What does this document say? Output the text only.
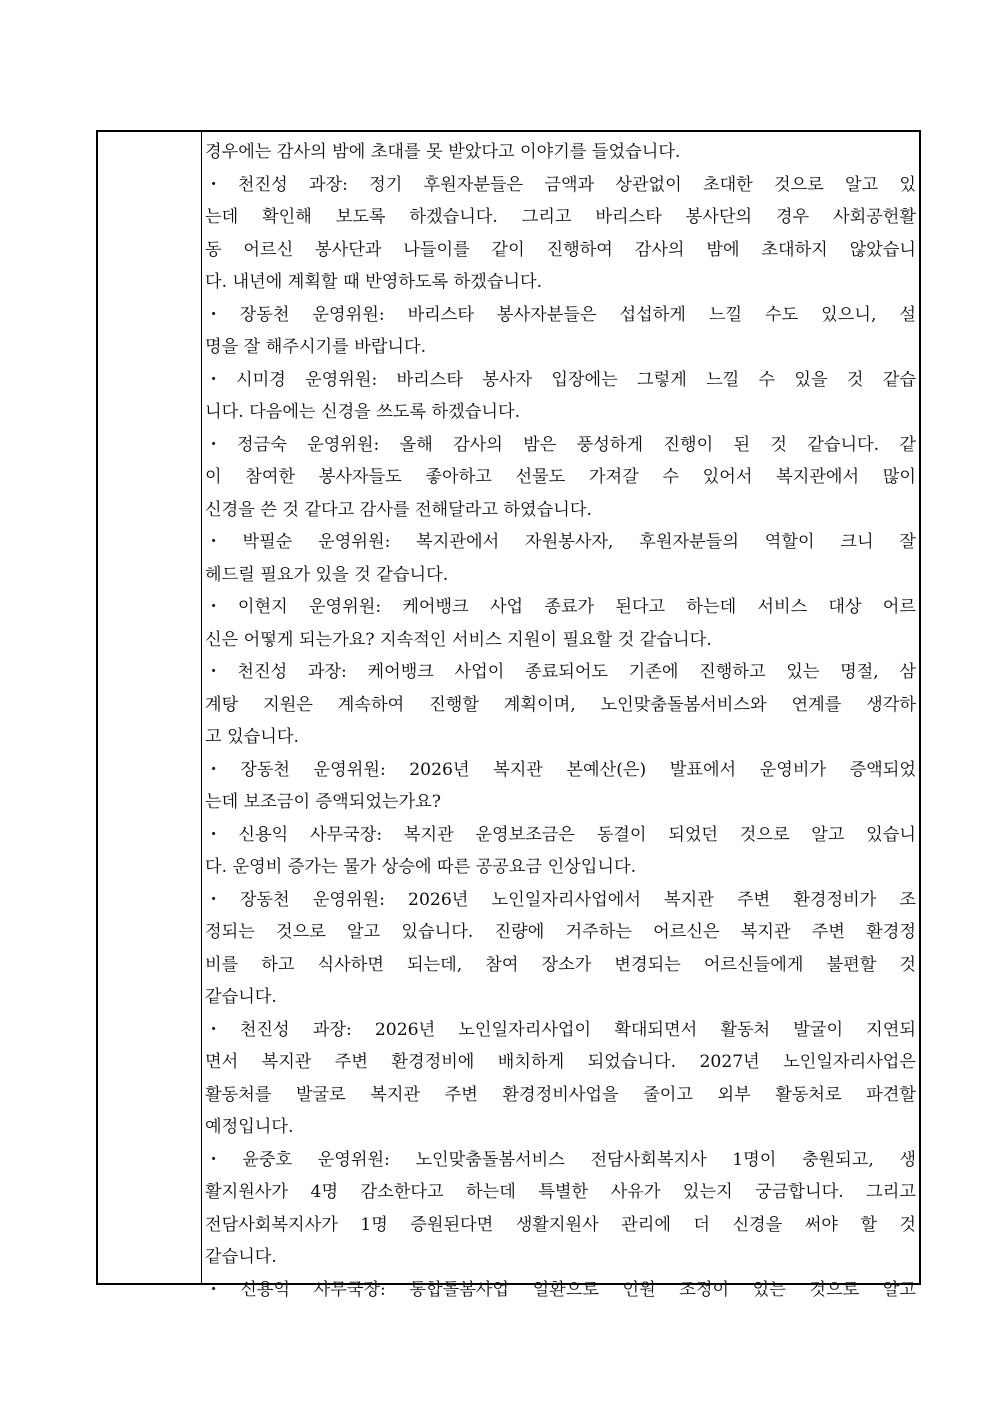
경우에는 감사의 밤에 초대를 못 받았다고 이야기를 들었습니다.
・천진성 과장: 정기 후원자분들은 금액과 상관없이 초대한 것으로 알고 있
는데 확인해 보도록 하겠습니다. 그리고 바리스타 봉사단의 경우 사회공헌활
동 어르신 봉사단과 나들이를 같이 진행하여 감사의 밤에 초대하지 않았습니
다. 내년에 계획할 때 반영하도록 하겠습니다.
・장동천 운영위원: 바리스타 봉사자분들은 섭섭하게 느낄 수도 있으니, 설
명을 잘 해주시기를 바랍니다.
・시미경 운영위원: 바리스타 봉사자 입장에는 그렇게 느낄 수 있을 것 같습
니다. 다음에는 신경을 쓰도록 하겠습니다.
・정금숙 운영위원: 올해 감사의 밤은 풍성하게 진행이 된 것 같습니다. 같
이 참여한 봉사자들도 좋아하고 선물도 가져갈 수 있어서 복지관에서 많이
신경을 쓴 것 같다고 감사를 전해달라고 하였습니다.
・박필순 운영위원: 복지관에서 자원봉사자, 후원자분들의 역할이 크니 잘
헤드릴 필요가 있을 것 같습니다.
・이현지 운영위원: 케어뱅크 사업 종료가 된다고 하는데 서비스 대상 어르
신은 어떻게 되는가요? 지속적인 서비스 지원이 필요할 것 같습니다.
・천진성 과장: 케어뱅크 사업이 종료되어도 기존에 진행하고 있는 명절, 삼
계탕 지원은 계속하여 진행할 계획이며, 노인맞춤돌봄서비스와 연계를 생각하
고 있습니다.
・장동천 운영위원: 2026년 복지관 본예산(은) 발표에서 운영비가 증액되었
는데 보조금이 증액되었는가요?
・신용익 사무국장: 복지관 운영보조금은 동결이 되었던 것으로 알고 있습니
다. 운영비 증가는 물가 상승에 따른 공공요금 인상입니다.
・장동천 운영위원: 2026년 노인일자리사업에서 복지관 주변 환경정비가 조
정되는 것으로 알고 있습니다. 진량에 거주하는 어르신은 복지관 주변 환경정
비를 하고 식사하면 되는데, 참여 장소가 변경되는 어르신들에게 불편할 것
같습니다.
・천진성 과장: 2026년 노인일자리사업이 확대되면서 활동처 발굴이 지연되
면서 복지관 주변 환경정비에 배치하게 되었습니다. 2027년 노인일자리사업은
활동처를 발굴로 복지관 주변 환경정비사업을 줄이고 외부 활동처로 파견할
예정입니다.
・윤중호 운영위원: 노인맞춤돌봄서비스 전담사회복지사 1명이 충원되고, 생
활지원사가 4명 감소한다고 하는데 특별한 사유가 있는지 궁금합니다. 그리고
전담사회복지사가 1명 증원된다면 생활지원사 관리에 더 신경을 써야 할 것
같습니다.
・신용익 사무국장: 통합돌봄사업 일환으로 인원 조정이 있는 것으로 알고
